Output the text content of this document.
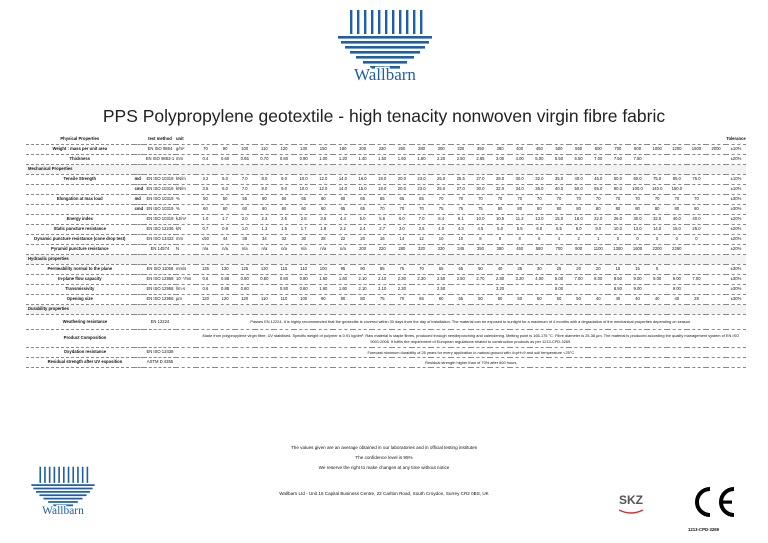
Wallbarn
PPS Polypropylene geotextile - high tenacity nonwoven virgin fibre fabric
Physical Properties		test method	unit																												Tolerance
Weight : mass per unit area		EN ISO 9864	g/m²	70	90	100	110	120	130	150	180	200	230	250	280	300	320	350	380	400	450	500	550	600	700	800	1000	1200	1500	2000	±10%
Thickness		EN ISO 9863-1	mm	0.4	0.60	0.65	0.70	0.80	0.90	1.00	1.20	1.40	1.50	1.60	1.80	2.20	2.50	2.65	3.00	4.00	5.00	5.50	6.50	7.00	7.50	7.50					±20%
Mechanical Properties																															
Tensile Strength	md	EN ISO 10319	kN/m	3.2	6.0	7.0	8.0	9.0	10.0	12.0	14.0	16.0	18.0	20.0	23.0	25.0	25.5	27.0	28.0	30.0	32.0	35.0	40.0	45.0	50.0	60.0	75.0	85.0	75.0		±10%
	cmd	EN ISO 10319	kN/m	3.5	6.0	7.0	8.0	9.0	10.0	12.0	14.0	15.0	18.0	20.0	23.0	25.0	27.0	30.0	32.0	34.0	36.0	40.0	50.0	65.0	80.0	100.0	140.0	150.0			±10%
Elongation at max load	md	EN ISO 10319	%	50	50	55	60	60	65	60	60	65	65	65	65	70	70	70	70	70	70	70	70	70	70	70	70	70	70		±30%
	cmd	EN ISO 10319	%	60	60	60	60	60	60	60	65	65	70	70	70	75	75	75	80	80	80	80	80	80	80	80	80	80	80		±30%
Energy index		EN ISO 10319	kJ/m²	1.0	1.7	2.0	2.3	2.5	2.8	3.5	4.4	5.0	5.6	6.0	7.0	8.4	9.1	10.0	10.5	11.2	13.0	15.0	18.0	22.0	26.0	30.0	32.0	40.0	40.0		±20%
Static puncture resistance		EN ISO 12236	kN	0.7	0.9	1.0	1.3	1.5	1.7	1.8	2.2	2.4	2.7	3.0	3.5	4.0	4.3	4.5	5.0	5.5	6.0	6.5	8.0	9.0	10.0	13.0	14.0	15.0	25.0		±20%
Dynamic puncture resistance (cone drop test)		EN ISO 13433	mm	≤50	44	38	34	32	30	28	22	20	16	14	12	10	10	8	8	8	6	4	2	1	0	0	0	0	0		±20%
Pyramid puncture resistance		EN 14574	N	n/a	n/a	n/a	n/a	n/a	n/a	n/a	n/a	200	220	280	320	330	345	350	380	450	580	700	900	1100	1300	1600	2200	2260			±20%
Hydraulic properties																															
Permeability normal to the plane		EN ISO 11058	mm/s	135	130	125	120	115	110	100	95	90	85	75	70	65	55	50	40	35	30	25	20	20	15	15	5				±30%
In-plane flow capacity		EN ISO 12958	10⁻⁷/ms	0.6	0.88	0.80	0.80	0.80	0.80	1.60	1.60	2.10	2.10	2.30	2.30	2.50	2.50	2.70	2.80	3.20	4.00	5.00	7.00	8.00	8.50	9.00	9.00	9.00	7.00		±30%
Transmissivity		EN ISO 12958	l/m·s	0.6	0.88	0.80		0.80	0.80	1.60	1.60	2.10	2.10	2.30		2.50			3.20			5.00			8.50	9.00		9.00			±30%
Opening size		EN ISO 12956	µm	120	120	120	110	110	100	90	90	80	75	70	65	60	55	50	50	50	50	50	50	40	40	40	40	40	28		±30%
Durability properties																															
Weathering resistance		EN 12224		Passes EN 12224. It is highly recommended that the geotextile is covered within 30 days from the day of installation. The material can be exposed to sunlight for a maximum of 4 months with a degradation of the mechanical properties depending on season.																											
Product Composition				Made from polypropylene virgin fibre, UV stabilised. Specific weight of polymer is 0.91 kg/dm³. Raw material is staple fibres, produced through needlepunching and calendering. Melting point is 165-175 °C. Fibre diameter is 25-38 µm. The material is produced according the quality management system of EN ISO 9001:2008. It fulfils the requirement of European regulations related to construction products as per 1213-CPD-3269.																											
Oxydation resistance		EN ISO 13438		Forecast minimum durability of 25 years for every application in natural ground with 4<pH<9 and soil temperature <25°C																											
Residual strength after UV exposition		ASTM D 4355		Residual strength higher than of 70% after 500 hours																											
The values given are an average obtained in our laboratories and in official testing institutes
The confidence level is 95%
We reserve the right to make changes at any time without notice
Wallbarn
Wallbarn Ltd - Unit 16 Capital Business Centre, 22 Carlton Road, South Croydon, Surrey CR2 0BS, UK	SKZ
1213-CPD-3269
